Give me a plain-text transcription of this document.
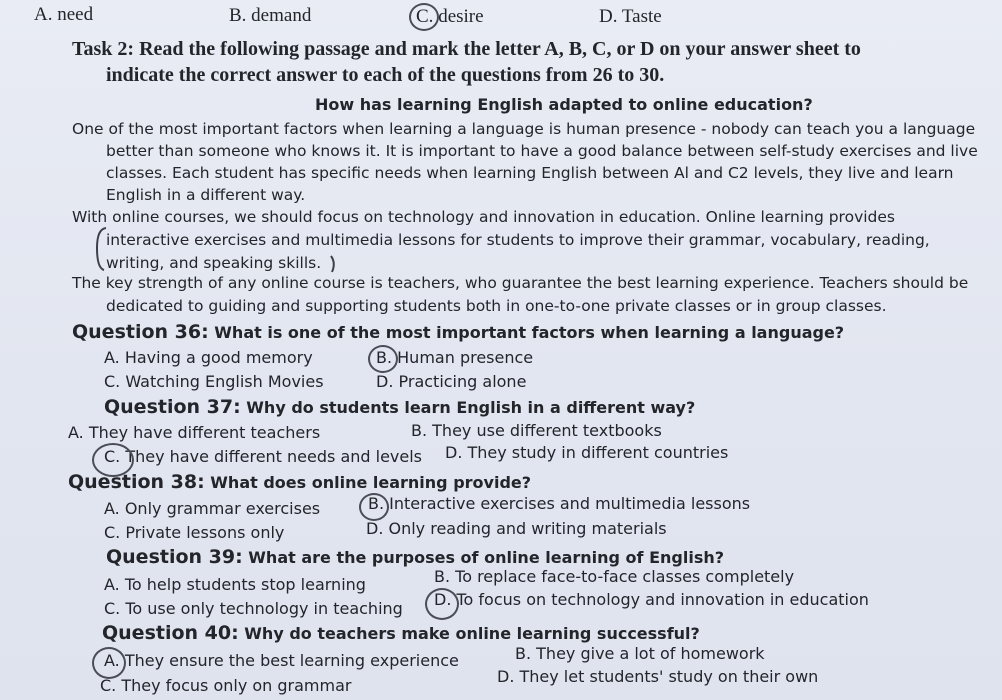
A. need	B. demand	C. desire	D. Taste
Task 2: Read the following passage and mark the letter A, B, C, or D on your answer sheet to
indicate the correct answer to each of the questions from 26 to 30.
How has learning English adapted to online education?
One of the most important factors when learning a language is human presence - nobody can teach you a language
better than someone who knows it. It is important to have a good balance between self-study exercises and live
classes. Each student has specific needs when learning English between Al and C2 levels, they live and learn
English in a different way.
With online courses, we should focus on technology and innovation in education. Online learning provides
interactive exercises and multimedia lessons for students to improve their grammar, vocabulary, reading,
writing, and speaking skills.
The key strength of any online course is teachers, who guarantee the best learning experience. Teachers should be
dedicated to guiding and supporting students both in one-to-one private classes or in group classes.
Question 36: What is one of the most important factors when learning a language?
A. Having a good memory	B. Human presence
C. Watching English Movies	D. Practicing alone
Question 37: Why do students learn English in a different way?
A. They have different teachers	B. They use different textbooks
C. They have different needs and levels D. They study in different countries
Question 38: What does online learning provide?
A. Only grammar exercises	B. Interactive exercises and multimedia lessons
C. Private lessons only	D. Only reading and writing materials
Question 39: What are the purposes of online learning of English?
A. To help students stop learning	B. To replace face-to-face classes completely
C. To use only technology in teaching D. To focus on technology and innovation in education
Question 40: Why do teachers make online learning successful?
A. They ensure the best learning experience	B. They give a lot of homework
C. They focus only on grammar	D. They let students' study on their own
